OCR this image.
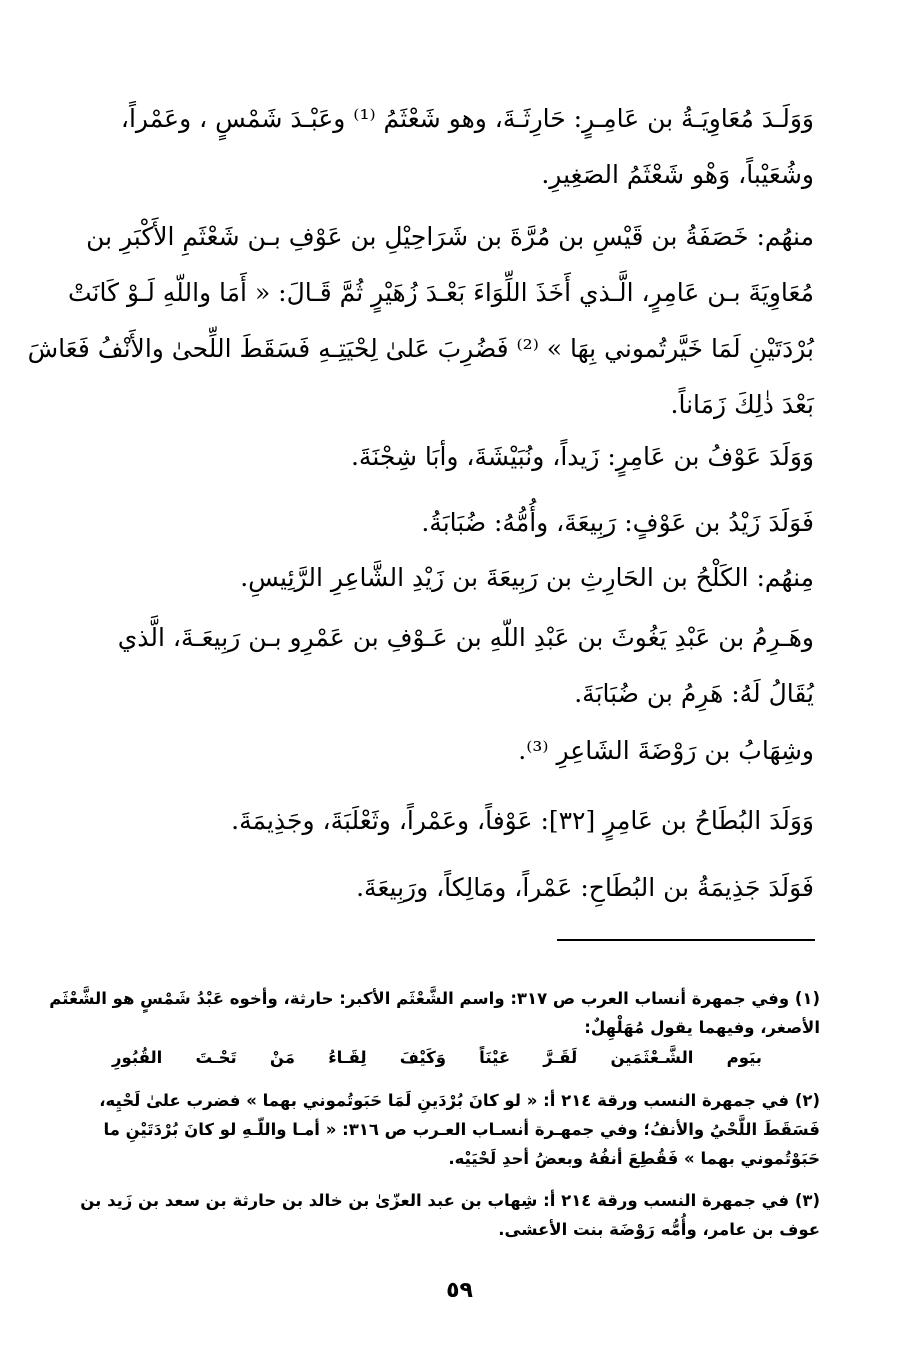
وَوَلَـدَ مُعَاوِيَـةُ بن عَامِـرٍ: حَارِثَـةَ، وهو شَعْثَمُ ⁽¹⁾ وعَبْـدَ شَمْسٍ ، وعَمْراً،
وشُعَيْباً، وَهْو شَعْثَمُ الصَغِيرِ.
منهُم: خَصَفَةُ بن قَيْسِ بن مُرَّةَ بن شَرَاحِيْلِ بن عَوْفِ بـن شَعْثَمِ الأَكْبَرِ بن
مُعَاوِيَةَ بـن عَامِرٍ، الَّـذي أَخَذَ اللِّوَاءَ بَعْـدَ زُهَيْرٍ ثُمَّ قَـالَ: « أَمَا واللّهِ لَـوْ كَانَتْ
بُرْدَتَيْنِ لَمَا خَيَّرتُموني بِهَا » ⁽²⁾ فَضُرِبَ عَلىٰ لِحْيَتِـهِ فَسَقَطَ اللِّحىٰ والأَنْفُ فَعَاشَ
بَعْدَ ذٰلِكَ زَمَاناً.
وَوَلَدَ عَوْفُ بن عَامِرٍ: زَيداً، ونُبَيْشَةَ، وأبَا شِجْنَةَ.
فَوَلَدَ زَيْدُ بن عَوْفٍ: رَبِيعَةَ، وأُمُّهُ: ضُبَابَةُ.
مِنهُم: الكَلْحُ بن الحَارِثِ بن رَبِيعَةَ بن زَيْدِ الشَّاعِرِ الرَّئِيسِ.
وهَـرِمُ بن عَبْدِ يَغُوثَ بن عَبْدِ اللّهِ بن عَـوْفِ بن عَمْرِو بـن رَبِيعَـةَ، الَّذي
يُقَالُ لَهُ: هَرِمُ بن ضُبَابَةَ.
وشِهَابُ بن رَوْضَةَ الشَاعِرِ ⁽³⁾.
وَوَلَدَ البُطَاحُ بن عَامِرٍ [٣٢]: عَوْفاً، وعَمْراً، وثَعْلَبَةَ، وجَذِيمَةَ.
فَوَلَدَ جَذِيمَةُ بن البُطَاحِ: عَمْراً، ومَالِكاً، ورَبِيعَةَ.
(١) وفي جمهرة أنساب العرب ص ٣١٧: واسم الشَّعْثَم الأكبر: حارثة، وأخوه عَبْدُ شَمْسٍ هو الشَّعْثَم
الأصغر، وفيهما يقول مُهَلْهِلٌ:
بيَوم
الشَّـعْثَمَين
لَقَـرَّ
عَيْنَاً
وَكَيْفَ
لِقَـاءُ
مَنْ
تَحْـتَ
القُبُورِ
(٢) في جمهرة النسب ورقة ٢١٤ أ: « لو كانَ بُرْدَينِ لَمَا حَبَوتُموني بهما » فضرب علىٰ لَحْيِه،
فَسَقَطَ اللَّحْيُ والأنفُ؛ وفي جمهـرة أنسـاب العـرب ص ٣١٦: « أمـا واللّـهِ لو كانَ بُرْدَتَيْنِ ما
حَبَوْتُموني بهما » فَقُطِعَ أنفُهُ وبعضُ أحدِ لَحْيَيْه.
(٣) في جمهرة النسب ورقة ٢١٤ أ: شِهاب بن عبد العزّىٰ بن خالد بن حارثة بن سعد بن زَيد بن
عوف بن عامر، وأُمُّه رَوْضَة بنت الأعشى.
٥٩
